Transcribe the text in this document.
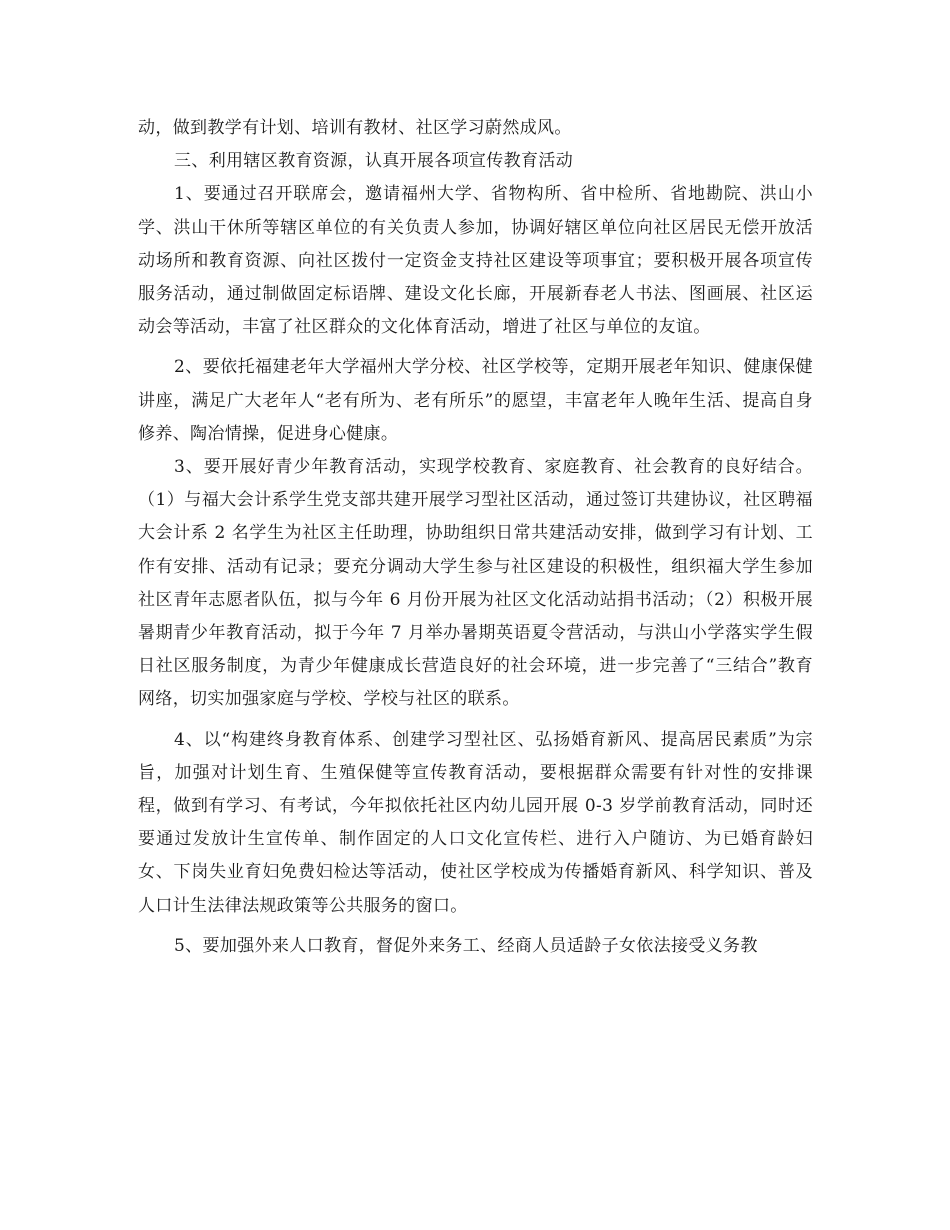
动，做到教学有计划、培训有教材、社区学习蔚然成风。

三、利用辖区教育资源，认真开展各项宣传教育活动

1、要通过召开联席会，邀请福州大学、省物构所、省中检所、省地勘院、洪山小学、洪山干休所等辖区单位的有关负责人参加，协调好辖区单位向社区居民无偿开放活动场所和教育资源、向社区拨付一定资金支持社区建设等项事宜；要积极开展各项宣传服务活动，通过制做固定标语牌、建设文化长廊，开展新春老人书法、图画展、社区运动会等活动，丰富了社区群众的文化体育活动，增进了社区与单位的友谊。

2、要依托福建老年大学福州大学分校、社区学校等，定期开展老年知识、健康保健讲座，满足广大老年人“老有所为、老有所乐”的愿望，丰富老年人晚年生活、提高自身修养、陶冶情操，促进身心健康。

3、要开展好青少年教育活动，实现学校教育、家庭教育、社会教育的良好结合。（1）与福大会计系学生党支部共建开展学习型社区活动，通过签订共建协议，社区聘福大会计系 2 名学生为社区主任助理，协助组织日常共建活动安排，做到学习有计划、工作有安排、活动有记录；要充分调动大学生参与社区建设的积极性，组织福大学生参加社区青年志愿者队伍，拟与今年 6 月份开展为社区文化活动站捐书活动；（2）积极开展暑期青少年教育活动，拟于今年 7 月举办暑期英语夏令营活动，与洪山小学落实学生假日社区服务制度，为青少年健康成长营造良好的社会环境，进一步完善了“三结合”教育网络，切实加强家庭与学校、学校与社区的联系。

4、以“构建终身教育体系、创建学习型社区、弘扬婚育新风、提高居民素质”为宗旨，加强对计划生育、生殖保健等宣传教育活动，要根据群众需要有针对性的安排课程，做到有学习、有考试，今年拟依托社区内幼儿园开展 0-3 岁学前教育活动，同时还要通过发放计生宣传单、制作固定的人口文化宣传栏、进行入户随访、为已婚育龄妇女、下岗失业育妇免费妇检达等活动，使社区学校成为传播婚育新风、科学知识、普及人口计生法律法规政策等公共服务的窗口。

5、要加强外来人口教育，督促外来务工、经商人员适龄子女依法接受义务教
